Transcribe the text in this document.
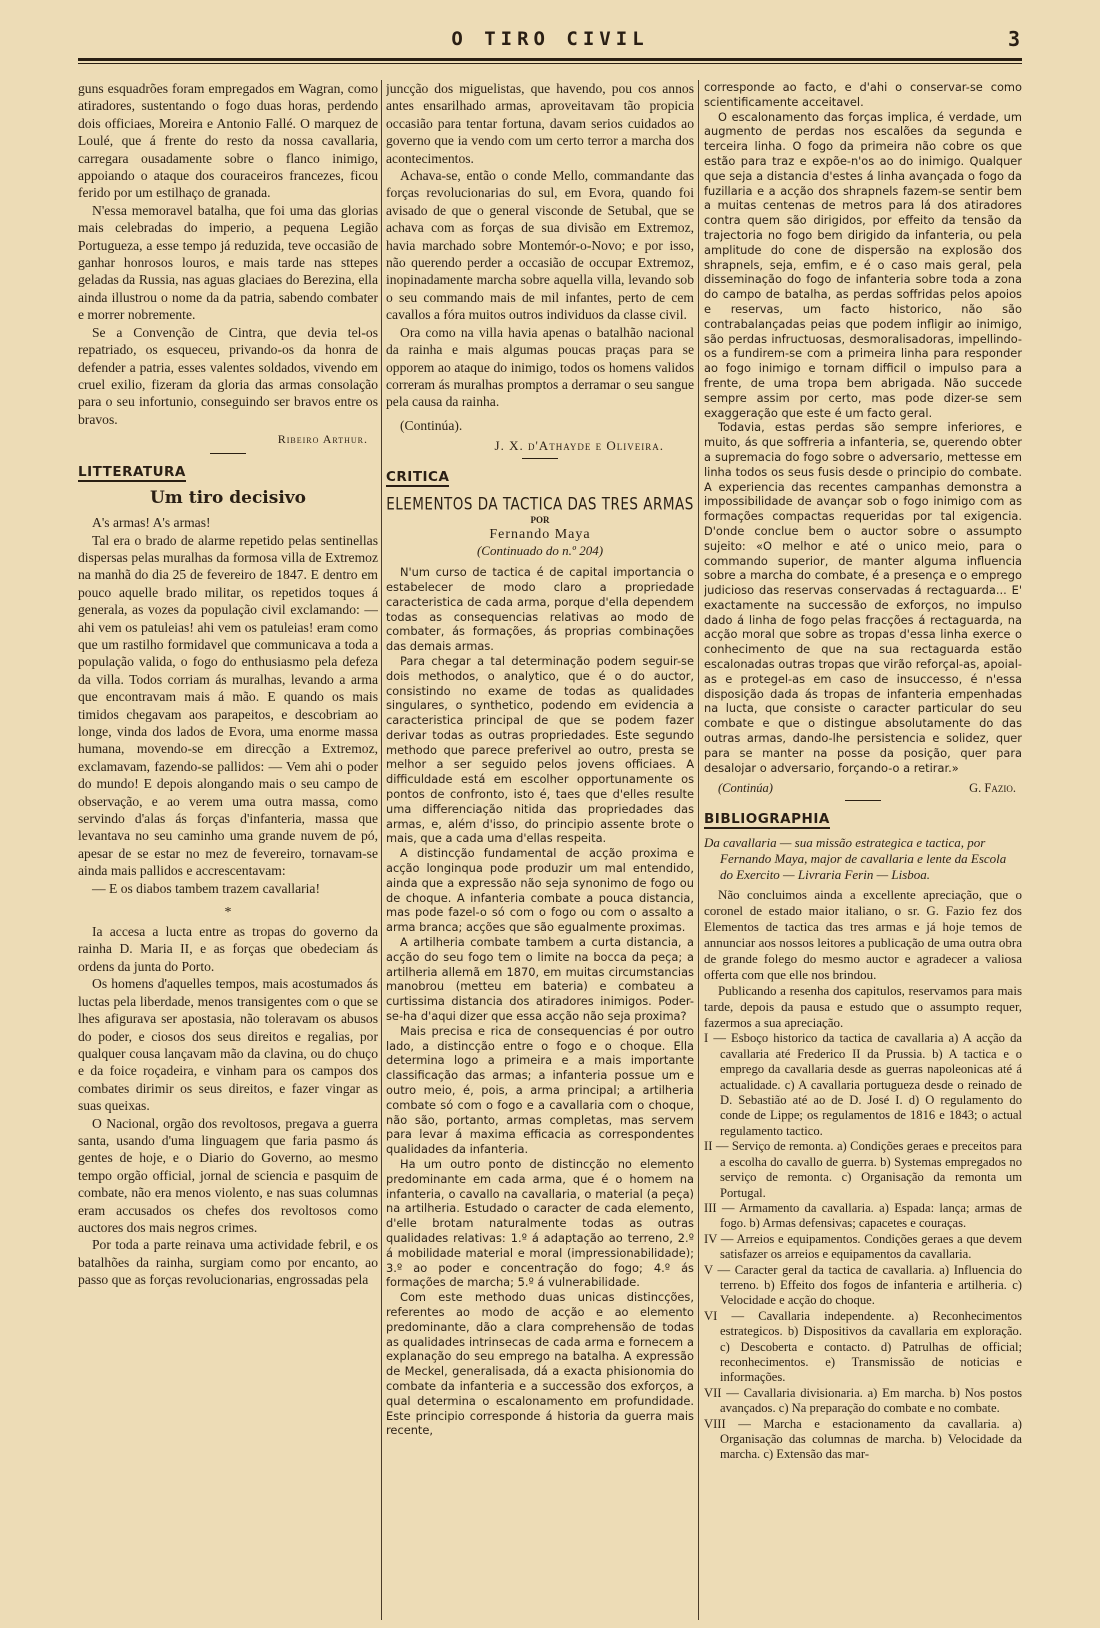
O TIRO CIVIL	3

guns esquadrões foram empregados em Wagran, como atiradores, sustentando o fogo duas horas, perdendo dois officiaes, Moreira e Antonio Fallé. O marquez de Loulé, que á frente do resto da nossa cavallaria, carregara ousadamente sobre o flanco inimigo, appoiando o ataque dos couraceiros francezes, ficou ferido por um estilhaço de granada.

N'essa memoravel batalha, que foi uma das glorias mais celebradas do imperio, a pequena Legião Portugueza, a esse tempo já reduzida, teve occasião de ganhar honrosos louros, e mais tarde nas sttepes geladas da Russia, nas aguas glaciaes do Berezina, ella ainda illustrou o nome da da patria, sabendo combater e morrer nobremente.

Se a Convenção de Cintra, que devia tel-os repatriado, os esqueceu, privando-os da honra de defender a patria, esses valentes soldados, vivendo em cruel exilio, fizeram da gloria das armas consolação para o seu infortunio, conseguindo ser bravos entre os bravos.

Ribeiro Arthur.
LITTERATURA
Um tiro decisivo

A's armas! A's armas!

Tal era o brado de alarme repetido pelas sentinellas dispersas pelas muralhas da formosa villa de Extremoz na manhã do dia 25 de fevereiro de 1847. E dentro em pouco aquelle brado militar, os repetidos toques á generala, as vozes da população civil exclamando: — ahi vem os patuleias! ahi vem os patuleias! eram como que um rastilho formidavel que communicava a toda a população valida, o fogo do enthusiasmo pela defeza da villa. Todos corriam ás muralhas, levando a arma que encontravam mais á mão. E quando os mais timidos chegavam aos parapeitos, e descobriam ao longe, vinda dos lados de Evora, uma enorme massa humana, movendo-se em direcção a Extremoz, exclamavam, fazendo-se pallidos: — Vem ahi o poder do mundo! E depois alongando mais o seu campo de observação, e ao verem uma outra massa, como servindo d'alas ás forças d'infanteria, massa que levantava no seu caminho uma grande nuvem de pó, apesar de se estar no mez de fevereiro, tornavam-se ainda mais pallidos e accrescentavam:

— E os diabos tambem trazem cavallaria!

*

Ia accesa a lucta entre as tropas do governo da rainha D. Maria II, e as forças que obedeciam ás ordens da junta do Porto.

Os homens d'aquelles tempos, mais acostumados ás luctas pela liberdade, menos transigentes com o que se lhes afigurava ser apostasia, não toleravam os abusos do poder, e ciosos dos seus direitos e regalias, por qualquer cousa lançavam mão da clavina, ou do chuço e da foice roçadeira, e vinham para os campos dos combates dirimir os seus direitos, e fazer vingar as suas queixas.

O Nacional, orgão dos revoltosos, pregava a guerra santa, usando d'uma linguagem que faria pasmo ás gentes de hoje, e o Diario do Governo, ao mesmo tempo orgão official, jornal de sciencia e pasquim de combate, não era menos violento, e nas suas columnas eram accusados os chefes dos revoltosos como auctores dos mais negros crimes.

Por toda a parte reinava uma actividade febril, e os batalhões da rainha, surgiam como por encanto, ao passo que as forças revolucionarias, engrossadas pela

juncção dos miguelistas, que havendo, pou cos annos antes ensarilhado armas, aproveitavam tão propicia occasião para tentar fortuna, davam serios cuidados ao governo que ia vendo com um certo terror a marcha dos acontecimentos.

Achava-se, então o conde Mello, commandante das forças revolucionarias do sul, em Evora, quando foi avisado de que o general visconde de Setubal, que se achava com as forças de sua divisão em Extremoz, havia marchado sobre Montemór-o-Novo; e por isso, não querendo perder a occasião de occupar Extremoz, inopinadamente marcha sobre aquella villa, levando sob o seu commando mais de mil infantes, perto de cem cavallos a fóra muitos outros individuos da classe civil.

Ora como na villa havia apenas o batalhão nacional da rainha e mais algumas poucas praças para se opporem ao ataque do inimigo, todos os homens validos correram ás muralhas promptos a derramar o seu sangue pela causa da rainha.

(Continúa).

J. X. d'Athayde e Oliveira.
CRITICA
ELEMENTOS DA TACTICA DAS TRES ARMAS
POR
Fernando Maya
(Continuado do n.º 204)

N'um curso de tactica é de capital importancia o estabelecer de modo claro a propriedade caracteristica de cada arma, porque d'ella dependem todas as consequencias relativas ao modo de combater, ás formações, ás proprias combinações das demais armas.

Para chegar a tal determinação podem seguir-se dois methodos, o analytico, que é o do auctor, consistindo no exame de todas as qualidades singulares, o synthetico, podendo em evidencia a caracteristica principal de que se podem fazer derivar todas as outras propriedades. Este segundo methodo que parece preferivel ao outro, presta se melhor a ser seguido pelos jovens officiaes. A difficuldade está em escolher opportunamente os pontos de confronto, isto é, taes que d'elles resulte uma differenciação nitida das propriedades das armas, e, além d'isso, do principio assente brote o mais, que a cada uma d'ellas respeita.

A distincção fundamental de acção proxima e acção longinqua pode produzir um mal entendido, ainda que a expressão não seja synonimo de fogo ou de choque. A infanteria combate a pouca distancia, mas pode fazel-o só com o fogo ou com o assalto a arma branca; acções que são egualmente proximas.

A artilheria combate tambem a curta distancia, a acção do seu fogo tem o limite na bocca da peça; a artilheria allemã em 1870, em muitas circumstancias manobrou (metteu em bateria) e combateu a curtissima distancia dos atiradores inimigos. Poder-se-ha d'aqui dizer que essa acção não seja proxima?

Mais precisa e rica de consequencias é por outro lado, a distincção entre o fogo e o choque. Ella determina logo a primeira e a mais importante classificação das armas; a infanteria possue um e outro meio, é, pois, a arma principal; a artilheria combate só com o fogo e a cavallaria com o choque, não são, portanto, armas completas, mas servem para levar á maxima efficacia as correspondentes qualidades da infanteria.

Ha um outro ponto de distincção no elemento predominante em cada arma, que é o homem na infanteria, o cavallo na cavallaria, o material (a peça) na artilheria. Estudado o caracter de cada elemento, d'elle brotam naturalmente todas as outras qualidades relativas: 1.º á adaptação ao terreno, 2.º á mobilidade material e moral (impressionabilidade); 3.º ao poder e concentração do fogo; 4.º ás formações de marcha; 5.º á vulnerabilidade.

Com este methodo duas unicas distincções, referentes ao modo de acção e ao elemento predominante, dão a clara comprehensão de todas as qualidades intrinsecas de cada arma e fornecem a explanação do seu emprego na batalha. A expressão de Meckel, generalisada, dá a exacta phisionomia do combate da infanteria e a successão dos exforços, a qual determina o escalonamento em profundidade. Este principio corresponde á historia da guerra mais recente,

corresponde ao facto, e d'ahi o conservar-se como scientificamente acceitavel.

O escalonamento das forças implica, é verdade, um augmento de perdas nos escalões da segunda e terceira linha. O fogo da primeira não cobre os que estão para traz e expõe-n'os ao do inimigo. Qualquer que seja a distancia d'estes á linha avançada o fogo da fuzillaria e a acção dos shrapnels fazem-se sentir bem a muitas centenas de metros para lá dos atiradores contra quem são dirigidos, por effeito da tensão da trajectoria no fogo bem dirigido da infanteria, ou pela amplitude do cone de dispersão na explosão dos shrapnels, seja, emfim, e é o caso mais geral, pela disseminação do fogo de infanteria sobre toda a zona do campo de batalha, as perdas soffridas pelos apoios e reservas, um facto historico, não são contrabalançadas peias que podem infligir ao inimigo, são perdas infructuosas, desmoralisadoras, impellindo-os a fundirem-se com a primeira linha para responder ao fogo inimigo e tornam difficil o impulso para a frente, de uma tropa bem abrigada. Não succede sempre assim por certo, mas pode dizer-se sem exaggeração que este é um facto geral.

Todavia, estas perdas são sempre inferiores, e muito, ás que soffreria a infanteria, se, querendo obter a supremacia do fogo sobre o adversario, mettesse em linha todos os seus fusis desde o principio do combate. A experiencia das recentes campanhas demonstra a impossibilidade de avançar sob o fogo inimigo com as formações compactas requeridas por tal exigencia. D'onde conclue bem o auctor sobre o assumpto sujeito: «O melhor e até o unico meio, para o commando superior, de manter alguma influencia sobre a marcha do combate, é a presença e o emprego judicioso das reservas conservadas á rectaguarda... E' exactamente na successão de exforços, no impulso dado á linha de fogo pelas fracções á rectaguarda, na acção moral que sobre as tropas d'essa linha exerce o conhecimento de que na sua rectaguarda estão escalonadas outras tropas que virão reforçal-as, apoial-as e protegel-as em caso de insuccesso, é n'essa disposição dada ás tropas de infanteria empenhadas na lucta, que consiste o caracter particular do seu combate e que o distingue absolutamente do das outras armas, dando-lhe persistencia e solidez, quer para se manter na posse da posição, quer para desalojar o adversario, forçando-o a retirar.»

(Continúa)	G. Fazio.
BIBLIOGRAPHIA
Da cavallaria — sua missão estrategica e tactica, por Fernando Maya, major de cavallaria e lente da Escola do Exercito — Livraria Ferin — Lisboa.

Não concluimos ainda a excellente apreciação, que o coronel de estado maior italiano, o sr. G. Fazio fez dos Elementos de tactica das tres armas e já hoje temos de annunciar aos nossos leitores a publicação de uma outra obra de grande folego do mesmo auctor e agradecer a valiosa offerta com que elle nos brindou.

Publicando a resenha dos capitulos, reservamos para mais tarde, depois da pausa e estudo que o assumpto requer, fazermos a sua apreciação.

I — Esboço historico da tactica de cavallaria a) A acção da cavallaria até Frederico II da Prussia. b) A tactica e o emprego da cavallaria desde as guerras napoleonicas até á actualidade. c) A cavallaria portugueza desde o reinado de D. Sebastião até ao de D. José I. d) O regulamento do conde de Lippe; os regulamentos de 1816 e 1843; o actual regulamento tactico.

II — Serviço de remonta. a) Condições geraes e preceitos para a escolha do cavallo de guerra. b) Systemas empregados no serviço de remonta. c) Organisação da remonta um Portugal.

III — Armamento da cavallaria. a) Espada: lança; armas de fogo. b) Armas defensivas; capacetes e couraças.

IV — Arreios e equipamentos. Condições geraes a que devem satisfazer os arreios e equipamentos da cavallaria.

V — Caracter geral da tactica de cavallaria. a) Influencia do terreno. b) Effeito dos fogos de infanteria e artilheria. c) Velocidade e acção do choque.

VI — Cavallaria independente. a) Reconhecimentos estrategicos. b) Dispositivos da cavallaria em exploração. c) Descoberta e contacto. d) Patrulhas de official; reconhecimentos. e) Transmissão de noticias e informações.

VII — Cavallaria divisionaria. a) Em marcha. b) Nos postos avançados. c) Na preparação do combate e no combate.

VIII — Marcha e estacionamento da cavallaria. a) Organisação das columnas de marcha. b) Velocidade da marcha. c) Extensão das mar-
